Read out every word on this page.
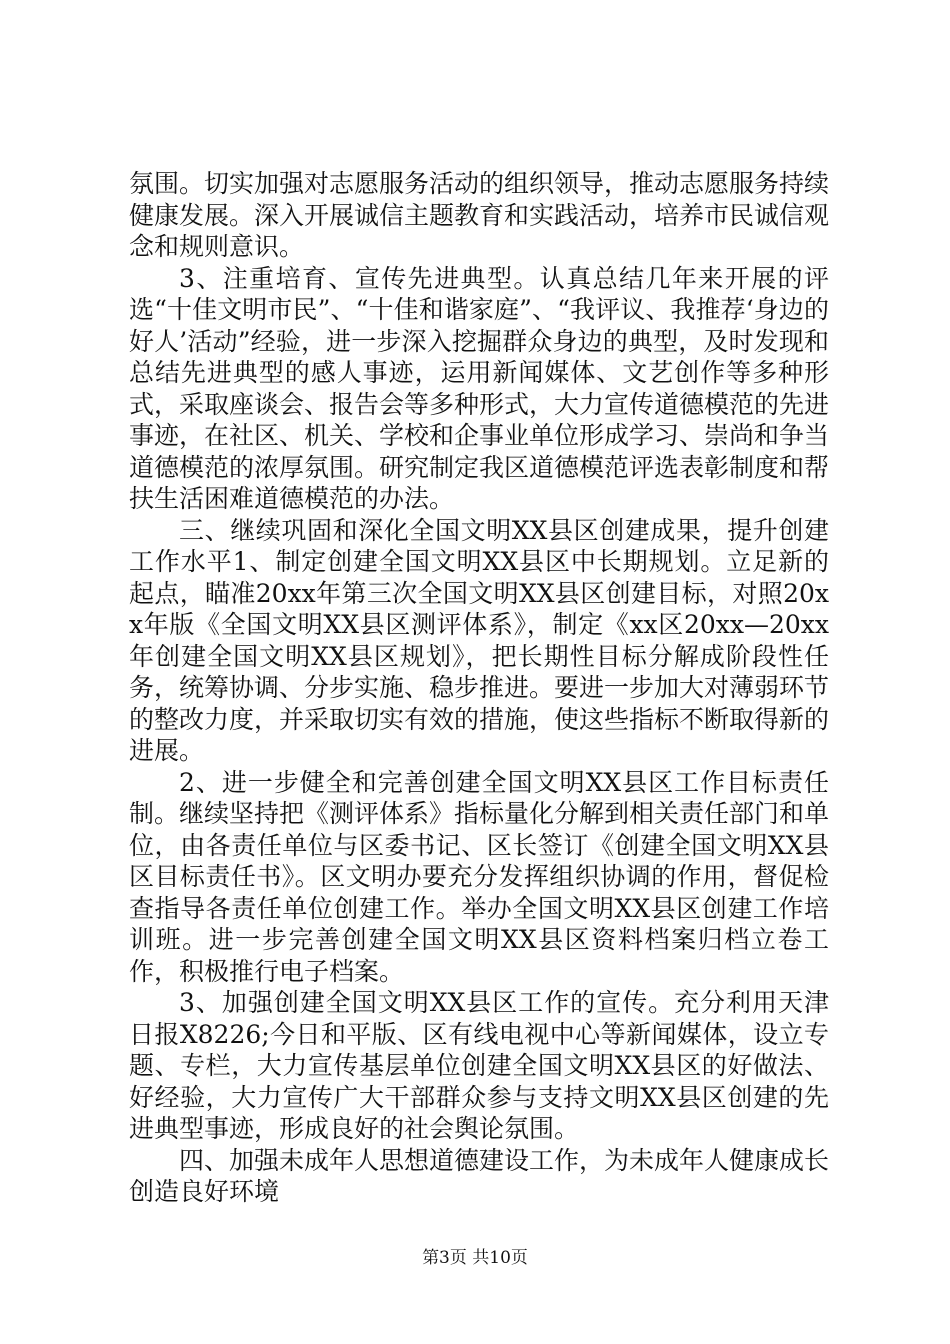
氛围。切实加强对志愿服务活动的组织领导，推动志愿服务持续健康发展。深入开展诚信主题教育和实践活动，培养市民诚信观念和规则意识。

3、注重培育、宣传先进典型。认真总结几年来开展的评选“十佳文明市民”、“十佳和谐家庭”、“我评议、我推荐‘身边的好人’活动”经验，进一步深入挖掘群众身边的典型，及时发现和总结先进典型的感人事迹，运用新闻媒体、文艺创作等多种形式，采取座谈会、报告会等多种形式，大力宣传道德模范的先进事迹，在社区、机关、学校和企事业单位形成学习、崇尚和争当道德模范的浓厚氛围。研究制定我区道德模范评选表彰制度和帮扶生活困难道德模范的办法。

三、继续巩固和深化全国文明XX县区创建成果，提升创建工作水平1、制定创建全国文明XX县区中长期规划。立足新的起点，瞄准20xx年第三次全国文明XX县区创建目标，对照20xx年版《全国文明XX县区测评体系》，制定《xx区20xx—20xx年创建全国文明XX县区规划》，把长期性目标分解成阶段性任务，统筹协调、分步实施、稳步推进。要进一步加大对薄弱环节的整改力度，并采取切实有效的措施，使这些指标不断取得新的进展。

2、进一步健全和完善创建全国文明XX县区工作目标责任制。继续坚持把《测评体系》指标量化分解到相关责任部门和单位，由各责任单位与区委书记、区长签订《创建全国文明XX县区目标责任书》。区文明办要充分发挥组织协调的作用，督促检查指导各责任单位创建工作。举办全国文明XX县区创建工作培训班。进一步完善创建全国文明XX县区资料档案归档立卷工作，积极推行电子档案。

3、加强创建全国文明XX县区工作的宣传。充分利用天津日报X8226;今日和平版、区有线电视中心等新闻媒体，设立专题、专栏，大力宣传基层单位创建全国文明XX县区的好做法、好经验，大力宣传广大干部群众参与支持文明XX县区创建的先进典型事迹，形成良好的社会舆论氛围。

四、加强未成年人思想道德建设工作，为未成年人健康成长创造良好环境

第3页 共10页
